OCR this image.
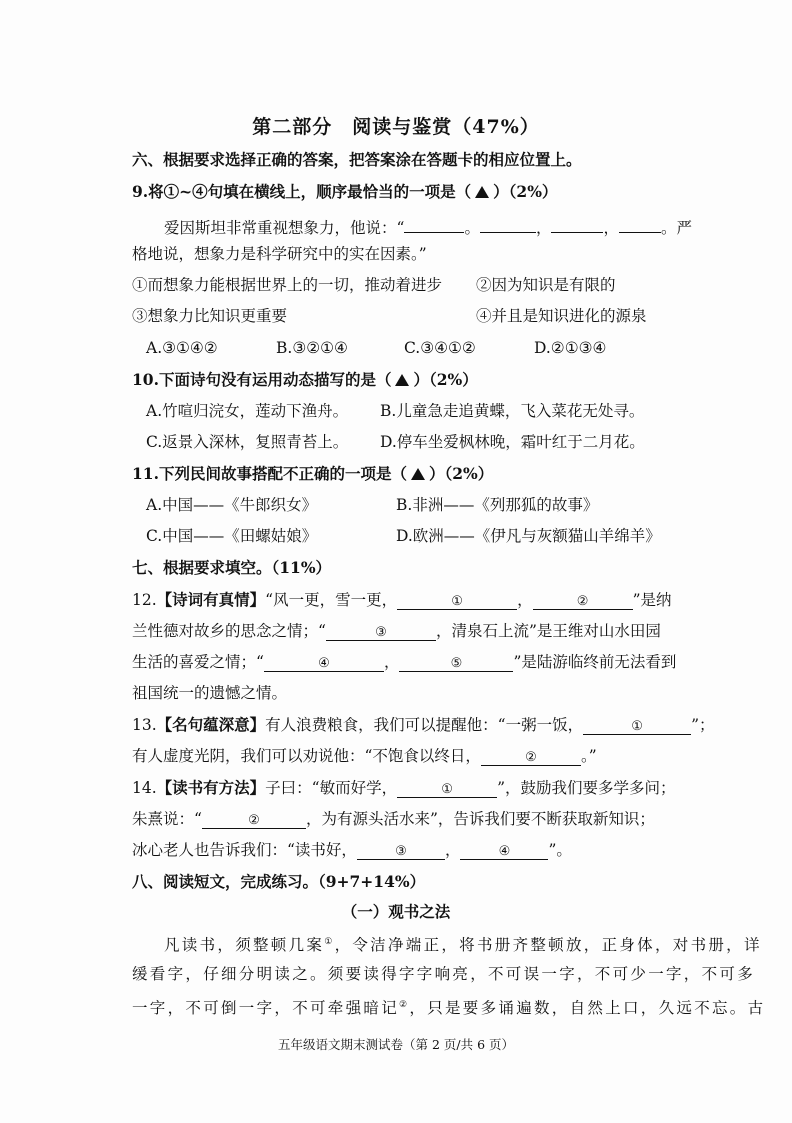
第二部分　阅读与鉴赏（47%）
六、根据要求选择正确的答案，把答案涂在答题卡的相应位置上。
9.将①~④句填在横线上，顺序最恰当的一项是（ ）（2%）
爱因斯坦非常重视想象力，他说：“	。	，	，	。严
格地说，想象力是科学研究中的实在因素。”
①而想象力能根据世界上的一切，推动着进步 ②因为知识是有限的
③想象力比知识更重要	④并且是知识进化的源泉
A.③①④②	B.③②①④	C.③④①②	D.②①③④
10.下面诗句没有运用动态描写的是（ ）（2%）
A.竹喧归浣女，莲动下渔舟。 B.儿童急走追黄蝶，飞入菜花无处寻。
C.返景入深林，复照青苔上。 D.停车坐爱枫林晚，霜叶红于二月花。
11.下列民间故事搭配不正确的一项是（ ）（2%）
A.中国——《牛郎织女》	B.非洲——《列那狐的故事》
C.中国——《田螺姑娘》	D.欧洲——《伊凡与灰额猫山羊绵羊》
七、根据要求填空。（11%）
12.【诗词有真情】“风一更，雪一更，	①	，	②	”是纳
兰性德对故乡的思念之情；“	③	，清泉石上流”是王维对山水田园
生活的喜爱之情；“	④	，	⑤	”是陆游临终前无法看到
祖国统一的遗憾之情。
13.【名句蕴深意】有人浪费粮食，我们可以提醒他：“一粥一饭，	①	”；
有人虚度光阴，我们可以劝说他：“不饱食以终日，	②	。”
14.【读书有方法】子曰：“敏而好学，	①	”，鼓励我们要多学多问；
朱熹说：“	②	，为有源头活水来”，告诉我们要不断获取新知识；
冰心老人也告诉我们：“读书好，	③ ，	④ ”。
八、阅读短文，完成练习。（9+7+14%）
（一）观书之法
凡读书，须整顿几案①，令洁净端正，将书册齐整顿放，正身体，对书册，详
缓看字，仔细分明读之。须要读得字字响亮，不可误一字，不可少一字，不可多
一字，不可倒一字，不可牵强暗记②，只是要多诵遍数，自然上口，久远不忘。古
五年级语文期末测试卷（第 2 页/共 6 页）
